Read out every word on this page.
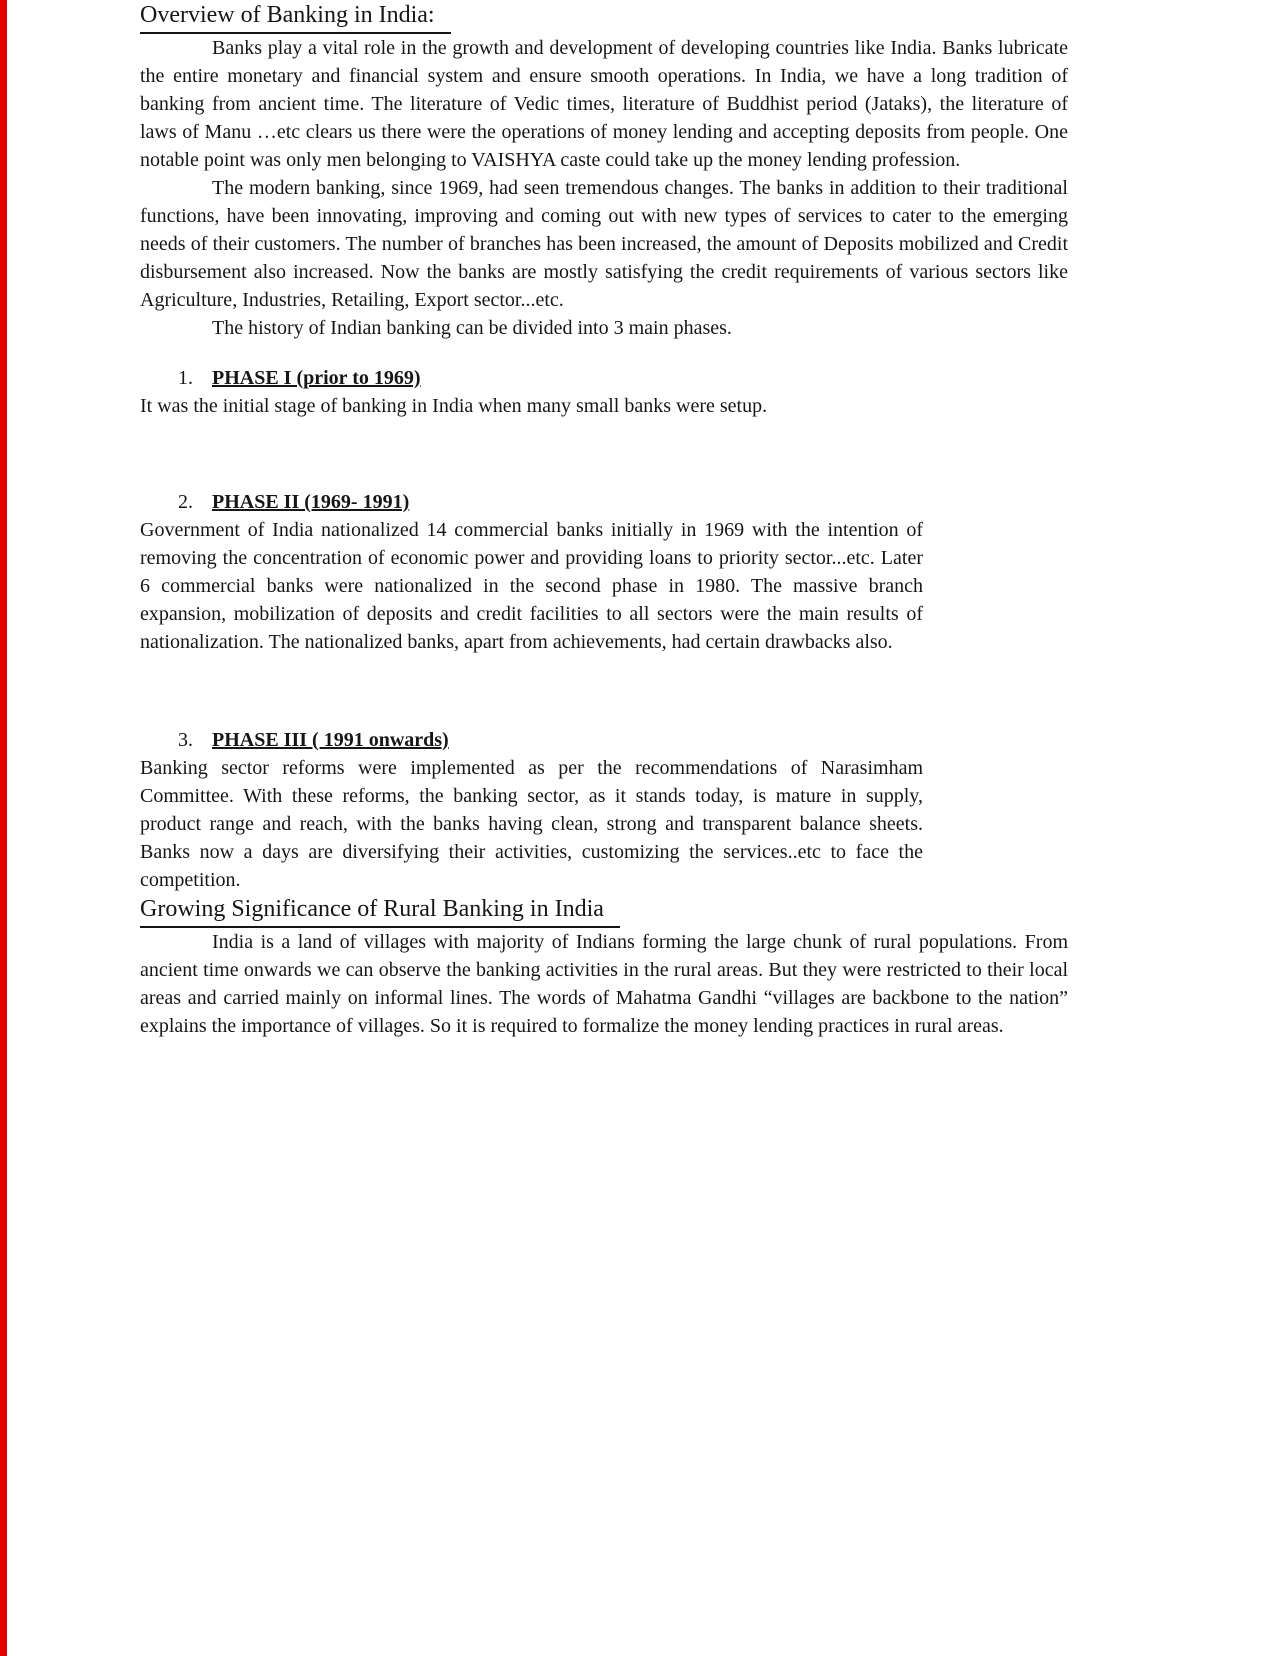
Overview of Banking in India:

Banks play a vital role in the growth and development of developing countries like India. Banks lubricate the entire monetary and financial system and ensure smooth operations. In India, we have a long tradition of banking from ancient time. The literature of Vedic times, literature of Buddhist period (Jataks), the literature of laws of Manu …etc clears us there were the operations of money lending and accepting deposits from people. One notable point was only men belonging to VAISHYA caste could take up the money lending profession.

The modern banking, since 1969, had seen tremendous changes. The banks in addition to their traditional functions, have been innovating, improving and coming out with new types of services to cater to the emerging needs of their customers. The number of branches has been increased, the amount of Deposits mobilized and Credit disbursement also increased. Now the banks are mostly satisfying the credit requirements of various sectors like Agriculture, Industries, Retailing, Export sector...etc.

The history of Indian banking can be divided into 3 main phases.

1. PHASE I (prior to 1969)

It was the initial stage of banking in India when many small banks were setup.

2. PHASE II (1969- 1991)

Government of India nationalized 14 commercial banks initially in 1969 with the intention of removing the concentration of economic power and providing loans to priority sector...etc. Later 6 commercial banks were nationalized in the second phase in 1980. The massive branch expansion, mobilization of deposits and credit facilities to all sectors were the main results of nationalization. The nationalized banks, apart from achievements, had certain drawbacks also.

3. PHASE III ( 1991 onwards)

Banking sector reforms were implemented as per the recommendations of Narasimham Committee. With these reforms, the banking sector, as it stands today, is mature in supply, product range and reach, with the banks having clean, strong and transparent balance sheets. Banks now a days are diversifying their activities, customizing the services..etc to face the competition.

Growing Significance of Rural Banking in India

India is a land of villages with majority of Indians forming the large chunk of rural populations. From ancient time onwards we can observe the banking activities in the rural areas. But they were restricted to their local areas and carried mainly on informal lines. The words of Mahatma Gandhi “villages are backbone to the nation” explains the importance of villages. So it is required to formalize the money lending practices in rural areas.
